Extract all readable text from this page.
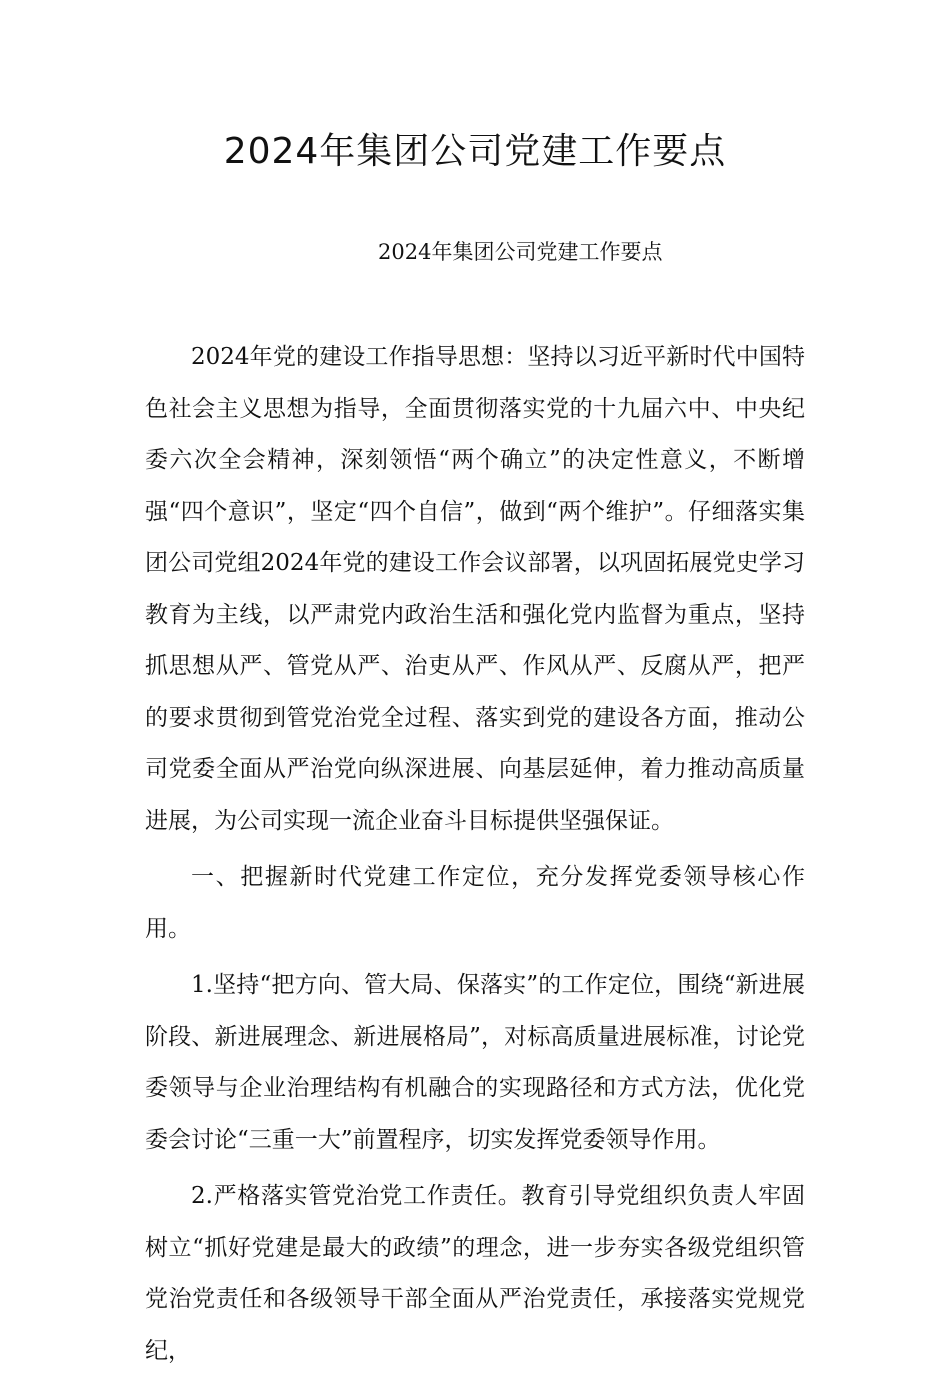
2024年集团公司党建工作要点

2024年集团公司党建工作要点

2024年党的建设工作指导思想：坚持以习近平新时代中国特色社会主义思想为指导，全面贯彻落实党的十九届六中、中央纪委六次全会精神，深刻领悟“两个确立”的决定性意义，不断增强“四个意识”，坚定“四个自信”，做到“两个维护”。仔细落实集团公司党组2024年党的建设工作会议部署，以巩固拓展党史学习教育为主线，以严肃党内政治生活和强化党内监督为重点，坚持抓思想从严、管党从严、治吏从严、作风从严、反腐从严，把严的要求贯彻到管党治党全过程、落实到党的建设各方面，推动公司党委全面从严治党向纵深进展、向基层延伸，着力推动高质量进展，为公司实现一流企业奋斗目标提供坚强保证。

一、把握新时代党建工作定位，充分发挥党委领导核心作用。

1.坚持“把方向、管大局、保落实”的工作定位，围绕“新进展阶段、新进展理念、新进展格局”，对标高质量进展标准，讨论党委领导与企业治理结构有机融合的实现路径和方式方法，优化党委会讨论“三重一大”前置程序，切实发挥党委领导作用。

2.严格落实管党治党工作责任。教育引导党组织负责人牢固树立“抓好党建是最大的政绩”的理念，进一步夯实各级党组织管党治党责任和各级领导干部全面从严治党责任，承接落实党规党纪，
